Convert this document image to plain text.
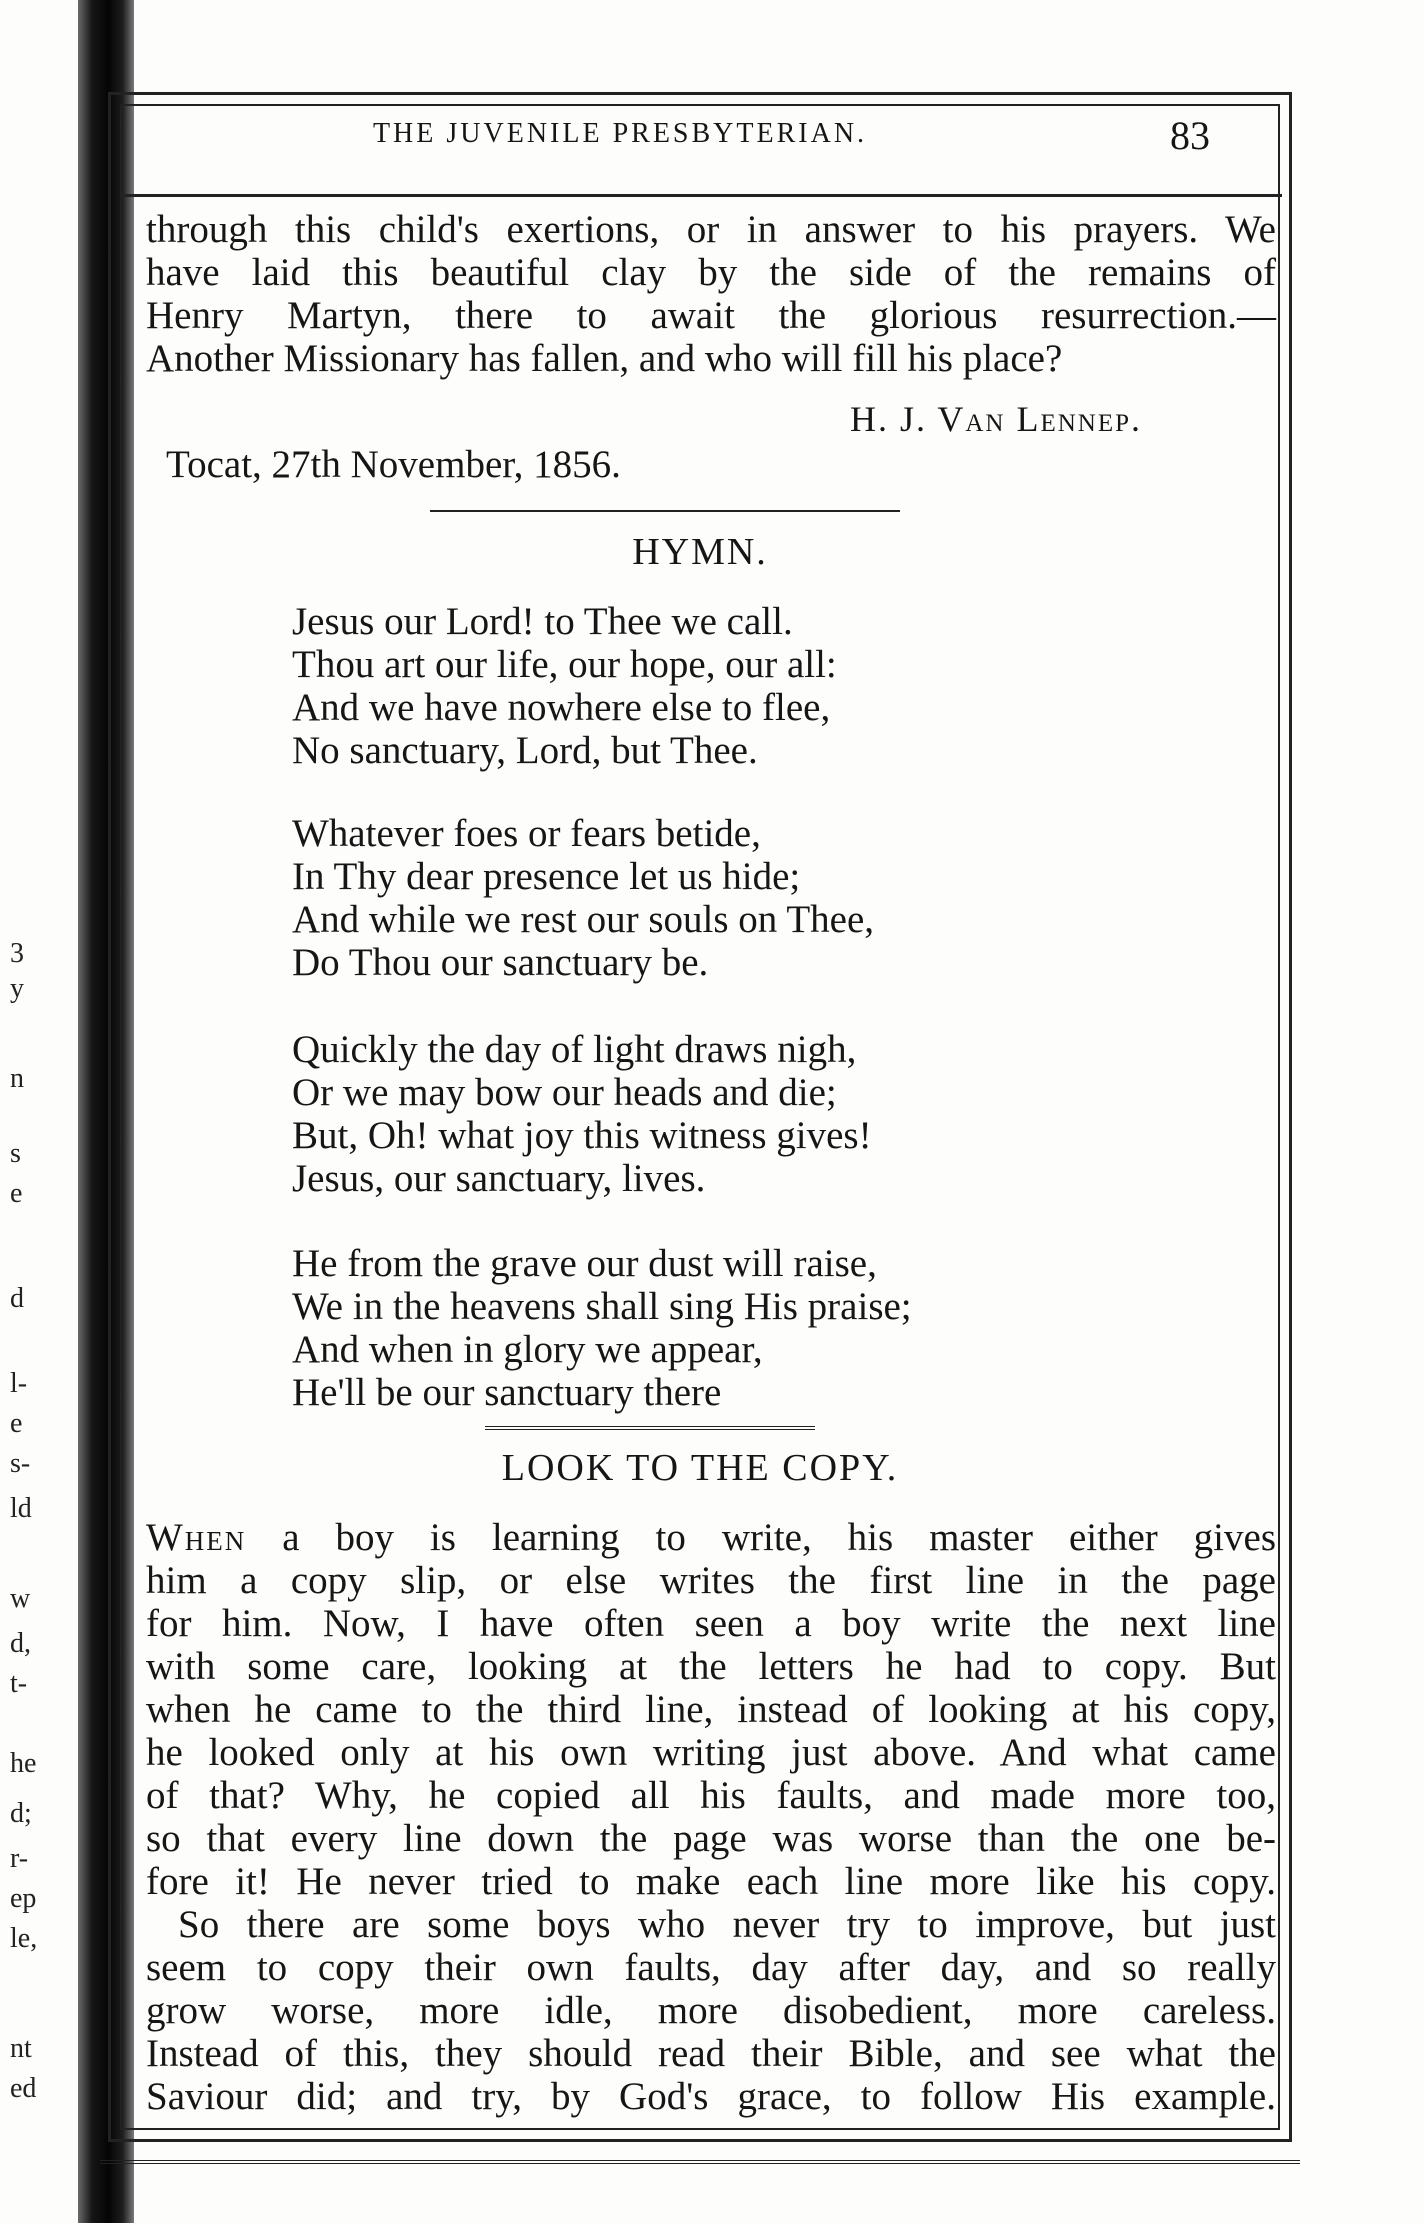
3
y
n
s
e
d
l-
e
s-
ld
w
d,
t-
he
d;
r-
ep
le,
nt
ed
THE JUVENILE PRESBYTERIAN.	83
through this child's exertions, or in answer to his prayers. We
have laid this beautiful clay by the side of the remains of
Henry Martyn, there to await the glorious resurrection.—
Another Missionary has fallen, and who will fill his place?
H. J. Van Lennep.
Tocat, 27th November, 1856.
HYMN.
Jesus our Lord! to Thee we call.
Thou art our life, our hope, our all:
And we have nowhere else to flee,
No sanctuary, Lord, but Thee.
Whatever foes or fears betide,
In Thy dear presence let us hide;
And while we rest our souls on Thee,
Do Thou our sanctuary be.
Quickly the day of light draws nigh,
Or we may bow our heads and die;
But, Oh! what joy this witness gives!
Jesus, our sanctuary, lives.
He from the grave our dust will raise,
We in the heavens shall sing His praise;
And when in glory we appear,
He'll be our sanctuary there
LOOK TO THE COPY.
When a boy is learning to write, his master either gives
him a copy slip, or else writes the first line in the page
for him. Now, I have often seen a boy write the next line
with some care, looking at the letters he had to copy. But
when he came to the third line, instead of looking at his copy,
he looked only at his own writing just above. And what came
of that? Why, he copied all his faults, and made more too,
so that every line down the page was worse than the one be-
fore it! He never tried to make each line more like his copy.
So there are some boys who never try to improve, but just
seem to copy their own faults, day after day, and so really
grow worse, more idle, more disobedient, more careless.
Instead of this, they should read their Bible, and see what the
Saviour did; and try, by God's grace, to follow His example.
